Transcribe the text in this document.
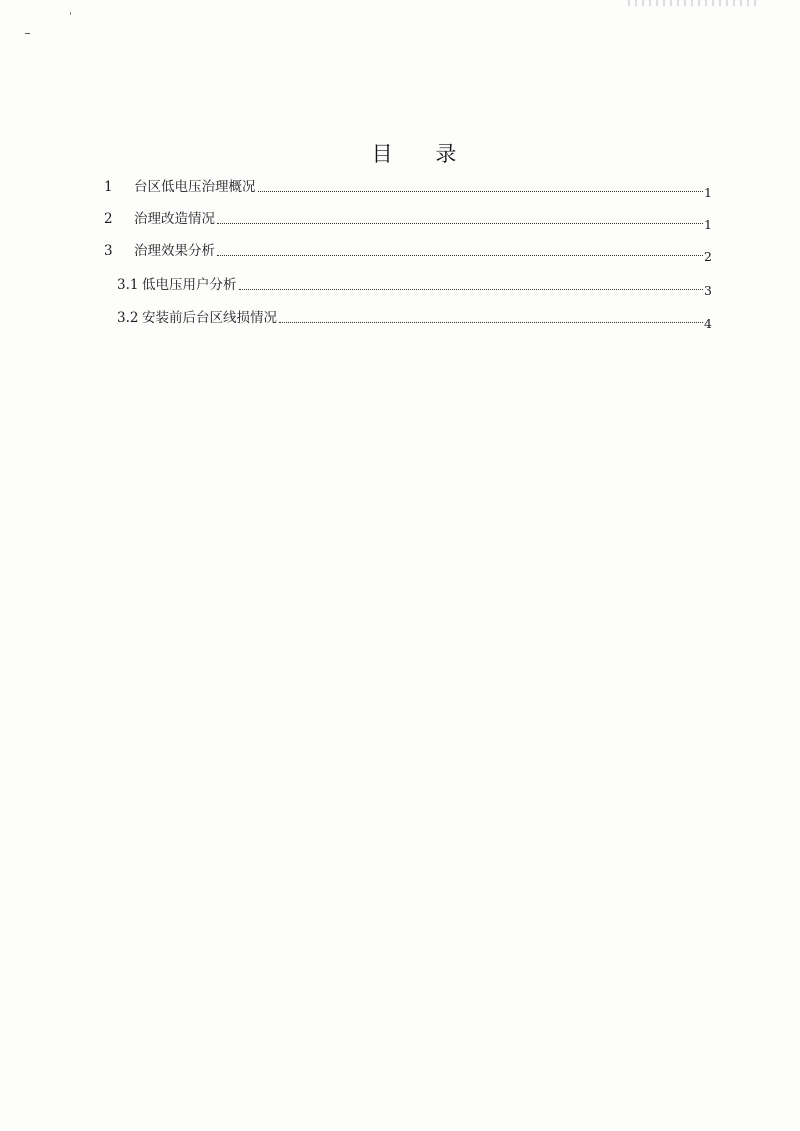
目 录
1	台区低电压治理概况	1
2	治理改造情况	1
3	治理效果分析	2
3.1 低电压用户分析	3
3.2 安装前后台区线损情况	4
